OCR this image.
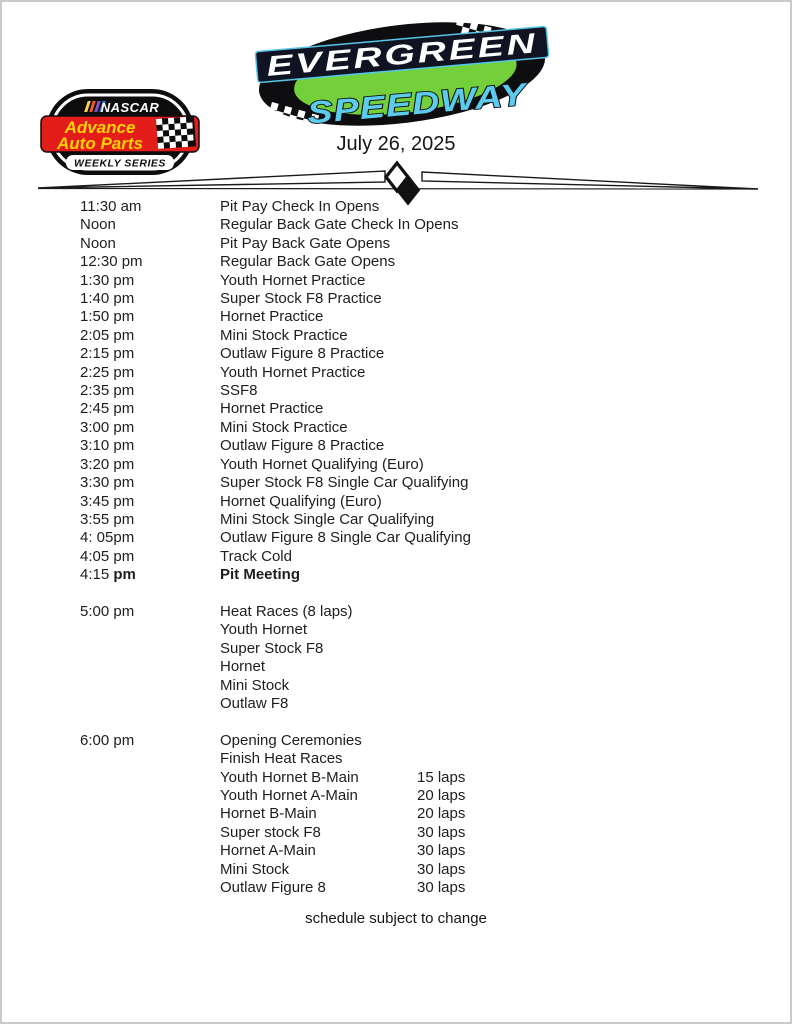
EVERGREEN
SPEEDWAY
NASCAR
Advance
Auto Parts
WEEKLY SERIES
July 26, 2025
11:30 am	Pit Pay Check In Opens
Noon	Regular Back Gate Check In Opens
Noon	Pit Pay Back Gate Opens
12:30 pm	Regular Back Gate Opens
1:30 pm	Youth Hornet Practice
1:40 pm	Super Stock F8 Practice
1:50 pm	Hornet Practice
2:05 pm	Mini Stock Practice
2:15 pm	Outlaw Figure 8 Practice
2:25 pm	Youth Hornet Practice
2:35 pm	SSF8
2:45 pm	Hornet Practice
3:00 pm	Mini Stock Practice
3:10 pm	Outlaw Figure 8 Practice
3:20 pm	Youth Hornet Qualifying (Euro)
3:30 pm	Super Stock F8 Single Car Qualifying
3:45 pm	Hornet Qualifying (Euro)
3:55 pm	Mini Stock Single Car Qualifying
4: 05pm	Outlaw Figure 8 Single Car Qualifying
4:05 pm	Track Cold
4:15 pm	Pit Meeting
5:00 pm	Heat Races (8 laps)
Youth Hornet
Super Stock F8
Hornet
Mini Stock
Outlaw F8
6:00 pm	Opening Ceremonies
Finish Heat Races
Youth Hornet B-Main	15 laps
Youth Hornet A-Main	20 laps
Hornet B-Main	20 laps
Super stock F8	30 laps
Hornet A-Main	30 laps
Mini Stock	30 laps
Outlaw Figure 8	30 laps
schedule subject to change
